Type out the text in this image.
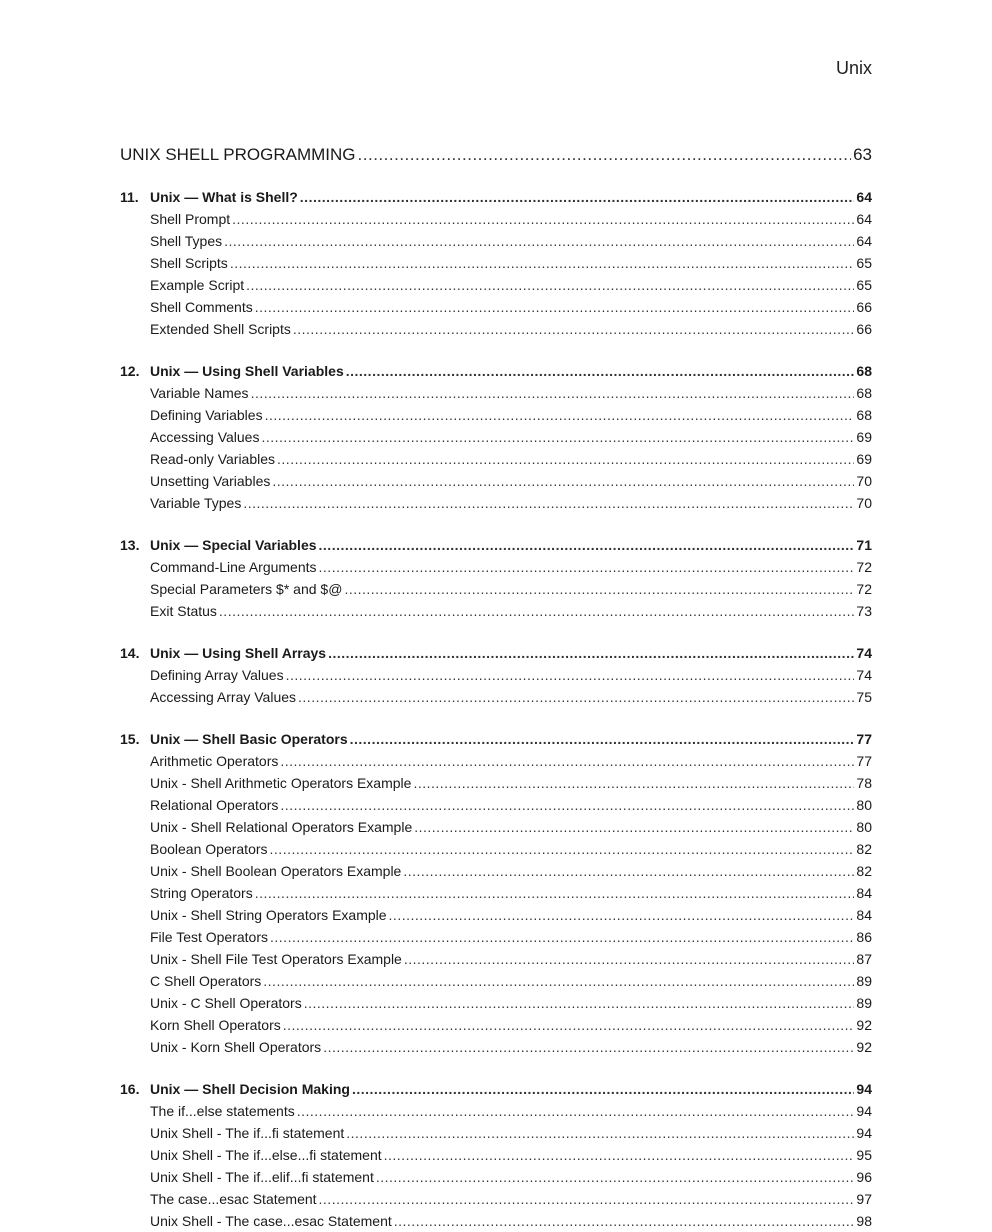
Unix
UNIX SHELL PROGRAMMING .....	63
11. Unix — What is Shell? .....	64
Shell Prompt .....	64
Shell Types .....	64
Shell Scripts .....	65
Example Script .....	65
Shell Comments .....	66
Extended Shell Scripts .....	66
12. Unix — Using Shell Variables .....	68
Variable Names .....	68
Defining Variables .....	68
Accessing Values .....	69
Read-only Variables .....	69
Unsetting Variables .....	70
Variable Types .....	70
13. Unix — Special Variables .....	71
Command-Line Arguments .....	72
Special Parameters $* and $@ .....	72
Exit Status .....	73
14. Unix — Using Shell Arrays .....	74
Defining Array Values .....	74
Accessing Array Values .....	75
15. Unix — Shell Basic Operators .....	77
Arithmetic Operators .....	77
Unix - Shell Arithmetic Operators Example .....	78
Relational Operators .....	80
Unix - Shell Relational Operators Example .....	80
Boolean Operators .....	82
Unix - Shell Boolean Operators Example .....	82
String Operators .....	84
Unix - Shell String Operators Example .....	84
File Test Operators .....	86
Unix - Shell File Test Operators Example .....	87
C Shell Operators .....	89
Unix - C Shell Operators .....	89
Korn Shell Operators .....	92
Unix - Korn Shell Operators .....	92
16. Unix — Shell Decision Making .....	94
The if...else statements .....	94
Unix Shell - The if...fi statement .....	94
Unix Shell - The if...else...fi statement .....	95
Unix Shell - The if...elif...fi statement .....	96
The case...esac Statement .....	97
Unix Shell - The case...esac Statement .....	98
